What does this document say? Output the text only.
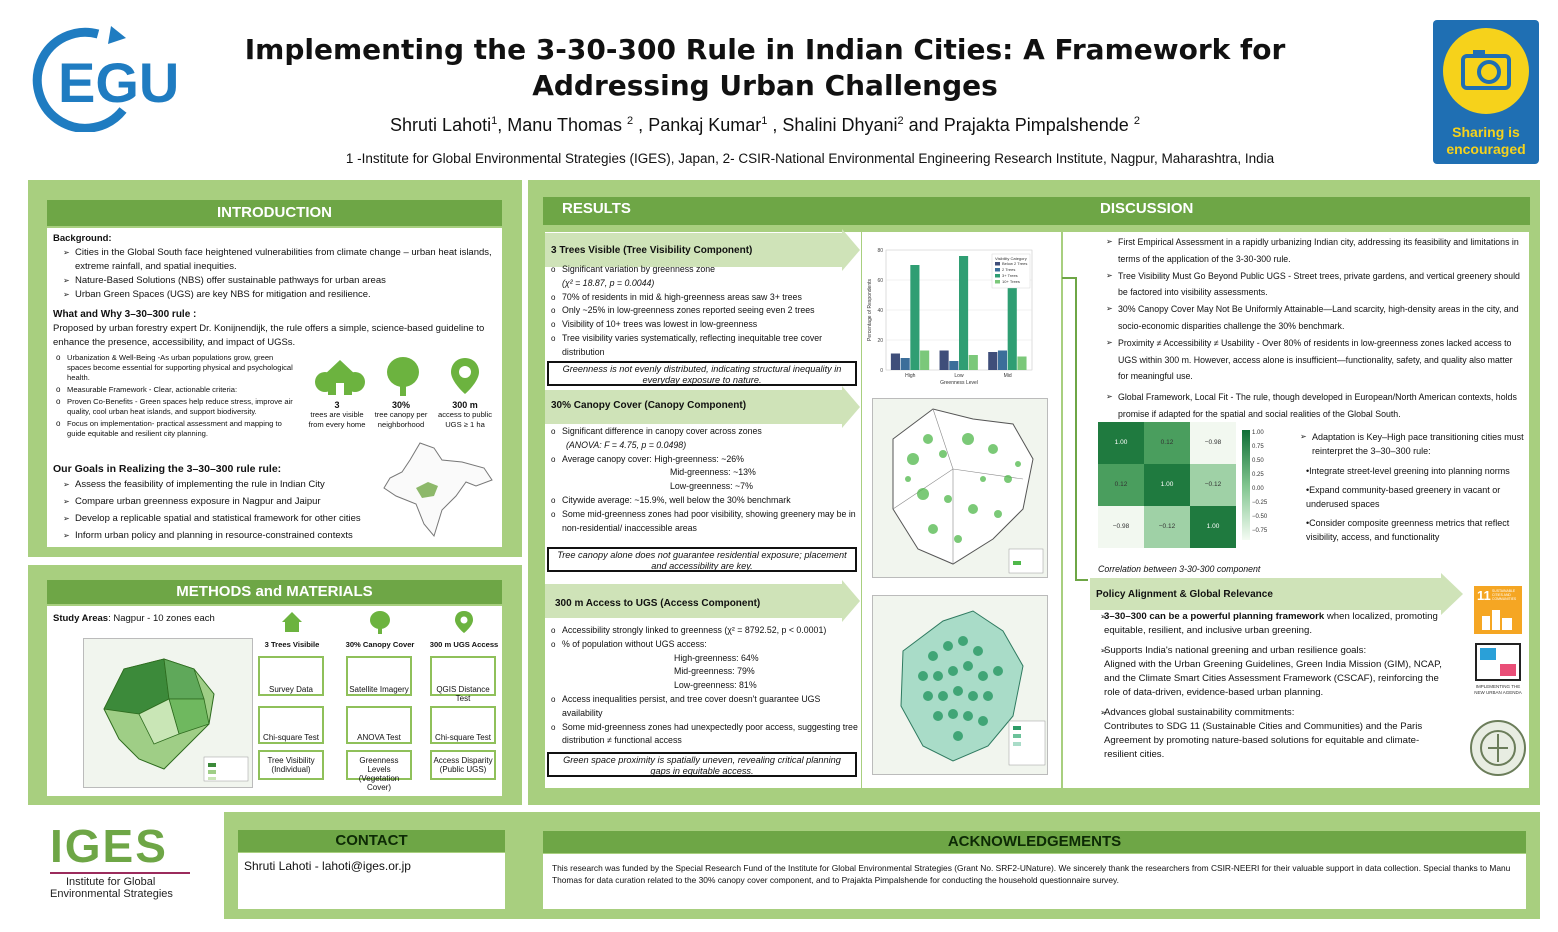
EGU
Implementing the 3-30-300 Rule in Indian Cities: A Framework for
Addressing Urban Challenges
Shruti Lahoti$^1$, Manu Thomas $^2$ , Pankaj Kumar$^1$ , Shalini Dhyani$^2$ and Prajakta Pimpalshende $^2$
1 -Institute for Global Environmental Strategies (IGES), Japan, 2- CSIR-National Environmental Engineering Research Institute, Nagpur, Maharashtra, India
Sharing is
encouraged
INTRODUCTION
Background:
➢ Cities in the Global South face heightened vulnerabilities from climate change – urban heat islands, extreme rainfall, and spatial inequities.
➢ Nature-Based Solutions (NBS) offer sustainable pathways for urban areas
➢ Urban Green Spaces (UGS) are key NBS for mitigation and resilience.
What and Why 3–30–300 rule :
Proposed by urban forestry expert Dr. Konijnendijk, the rule offers a simple, science-based guideline to enhance the presence, accessibility, and impact of UGSs.
o Urbanization & Well-Being -As urban populations grow, green spaces become essential for supporting physical and psychological health.
o Measurable Framework - Clear, actionable criteria:
o Proven Co-Benefits - Green spaces help reduce stress, improve air quality, cool urban heat islands, and support biodiversity.
o Focus on implementation- practical assessment and mapping to guide equitable and resilient city planning.
3
trees are visible from every home
30%
tree canopy per neighborhood
300 m
access to public UGS ≥ 1 ha
Our Goals in Realizing the 3–30–300 rule rule:
➢ Assess the feasibility of implementing the rule in Indian City
➢ Compare urban greenness exposure in Nagpur and Jaipur
➢ Develop a replicable spatial and statistical framework for other cities
➢ Inform urban policy and planning in resource-constrained contexts
METHODS and MATERIALS
Study Areas: Nagpur - 10 zones each
3 Trees Visibile
Survey Data
Chi-square Test
Tree Visibility (Individual)
30% Canopy Cover
Satellite Imagery
ANOVA Test
Greenness Levels (Vegetation Cover)
300 m UGS Access
QGIS Distance Test
Chi-square Test
Access Disparity (Public UGS)
RESULTS	DISCUSSION
3 Trees Visible (Tree Visibility Component)
o Significant variation by greenness zone
(χ² = 18.87, p = 0.0044)
o 70% of residents in mid & high-greenness areas saw 3+ trees
o Only ~25% in low-greenness zones reported seeing even 2 trees
o Visibility of 10+ trees was lowest in low-greenness
o Tree visibility varies systematically, reflecting inequitable tree cover distribution
Greenness is not evenly distributed, indicating structural inequality in everyday exposure to nature.
30% Canopy Cover (Canopy Component)
o Significant difference in canopy cover across zones
(ANOVA: F = 4.75, p = 0.0498)
o Average canopy cover: High-greenness: ~26%
Mid-greenness: ~13%
Low-greenness: ~7%
o Citywide average: ~15.9%, well below the 30% benchmark
o Some mid-greenness zones had poor visibility, showing greenery may be in non-residential/ inaccessible areas
Tree canopy alone does not guarantee residential exposure; placement and accessibility are key.
300 m Access to UGS (Access Component)
o Accessibility strongly linked to greenness (χ² = 8792.52, p < 0.0001)
o % of population without UGS access:
High-greenness: 64%
Mid-greenness: 79%
Low-greenness: 81%
o Access inequalities persist, and tree cover doesn't guarantee UGS availability
o Some mid-greenness zones had unexpectedly poor access, suggesting tree distribution ≠ functional access
Green space proximity is spatially uneven, revealing critical planning gaps in equitable access.
0
20
40
60
80
Percentage of Respondents
Greenness Level
High	Low	Mid
Visibility Category
Below 2 Trees
2 Trees
3+ Trees
10+ Trees
➢ First Empirical Assessment in a rapidly urbanizing Indian city, addressing its feasibility and limitations in terms of the application of the 3-30-300 rule.
➢ Tree Visibility Must Go Beyond Public UGS - Street trees, private gardens, and vertical greenery should be factored into visibility assessments.
➢ 30% Canopy Cover May Not Be Uniformly Attainable—Land scarcity, high-density areas in the city, and socio-economic disparities challenge the 30% benchmark.
➢ Proximity ≠ Accessibility ≠ Usability - Over 80% of residents in low-greenness zones lacked access to UGS within 300 m. However, access alone is insufficient—functionality, safety, and quality also matter for meaningful use.
➢ Global Framework, Local Fit - The rule, though developed in European/North American contexts, holds promise if adapted for the spatial and social realities of the Global South.
1.00	0.12	−0.98
0.12	1.00	−0.12
−0.98	−0.12	1.00
1.00
0.75
0.50
0.25
0.00
−0.25
−0.50
−0.75
Correlation between 3-30-300 component
➢ Adaptation is Key–High pace transitioning cities must reinterpret the 3–30–300 rule:
•Integrate street-level greening into planning norms
•Expand community-based greenery in vacant or underused spaces
•Consider composite greenness metrics that reflect visibility, access, and functionality
Policy Alignment & Global Relevance
➢ 3–30–300 can be a powerful planning framework when localized, promoting equitable, resilient, and inclusive urban greening.
➢ Supports India's national greening and urban resilience goals:
Aligned with the Urban Greening Guidelines, Green India Mission (GIM), NCAP, and the Climate Smart Cities Assessment Framework (CSCAF), reinforcing the role of data-driven, evidence-based urban planning.
➢ Advances global sustainability commitments:
Contributes to SDG 11 (Sustainable Cities and Communities) and the Paris Agreement by promoting nature-based solutions for equitable and climate-resilient cities.
11 SUSTAINABLE CITIES AND COMMUNITIES
IMPLEMENTING THE NEW URBAN AGENDA
IGES
Institute for Global
Environmental Strategies
CONTACT
Shruti Lahoti - lahoti@iges.or.jp
ACKNOWLEDGEMENTS
This research was funded by the Special Research Fund of the Institute for Global Environmental Strategies (Grant No. SRF2-UNature). We sincerely thank the researchers from CSIR-NEERI for their valuable support in data collection. Special thanks to Manu Thomas for data curation related to the 30% canopy cover component, and to Prajakta Pimpalshende for conducting the household questionnaire survey.
